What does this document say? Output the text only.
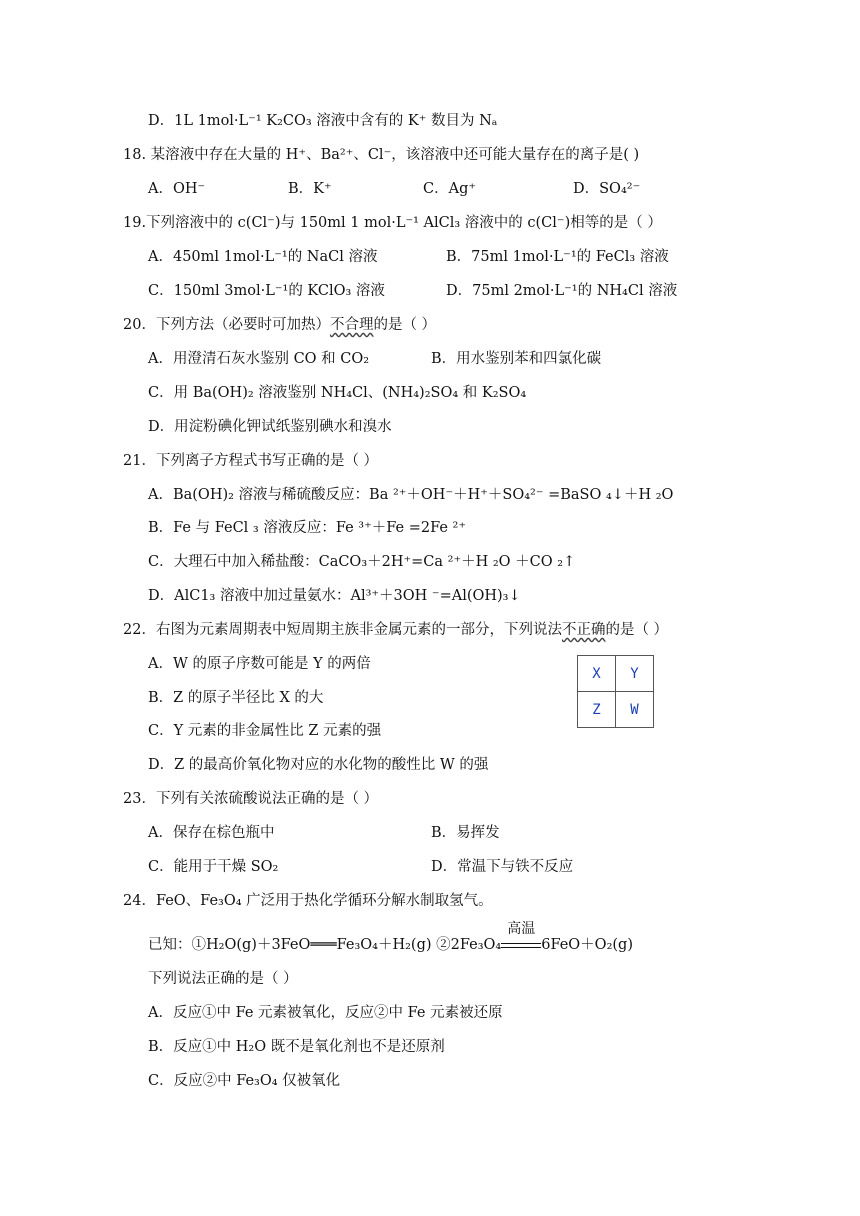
D．1L 1mol·L⁻¹ K₂CO₃ 溶液中含有的 K⁺ 数目为 Nₐ
18. 某溶液中存在大量的 H⁺、Ba²⁺、Cl⁻，该溶液中还可能大量存在的离子是( )
A．OH⁻	B．K⁺	C．Ag⁺	D．SO₄²⁻
19.下列溶液中的 c(Cl⁻)与 150ml 1 mol·L⁻¹ AlCl₃ 溶液中的 c(Cl⁻)相等的是（ ）
A．450ml 1mol·L⁻¹的 NaCl 溶液	B．75ml 1mol·L⁻¹的 FeCl₃ 溶液
C．150ml 3mol·L⁻¹的 KClO₃ 溶液	D．75ml 2mol·L⁻¹的 NH₄Cl 溶液
20．下列方法（必要时可加热）不合理的是（ ）
A．用澄清石灰水鉴别 CO 和 CO₂	B．用水鉴别苯和四氯化碳
C．用 Ba(OH)₂ 溶液鉴别 NH₄Cl、(NH₄)₂SO₄ 和 K₂SO₄
D．用淀粉碘化钾试纸鉴别碘水和溴水
21．下列离子方程式书写正确的是（ ）
A．Ba(OH)₂ 溶液与稀硫酸反应：Ba ²⁺＋OH⁻＋H⁺＋SO₄²⁻ =BaSO ₄↓＋H ₂O
B．Fe 与 FeCl ₃ 溶液反应：Fe ³⁺＋Fe =2Fe ²⁺
C．大理石中加入稀盐酸：CaCO₃＋2H⁺=Ca ²⁺＋H ₂O ＋CO ₂↑
D．AlC1₃ 溶液中加过量氨水：Al³⁺＋3OH ⁻=Al(OH)₃↓
22．右图为元素周期表中短周期主族非金属元素的一部分，下列说法不正确的是（ ）
A．W 的原子序数可能是 Y 的两倍
B．Z 的原子半径比 X 的大
C．Y 元素的非金属性比 Z 元素的强
D．Z 的最高价氧化物对应的水化物的酸性比 W 的强
X	Y
Z	W
23．下列有关浓硫酸说法正确的是（ ）
A．保存在棕色瓶中	B．易挥发
C．能用于干燥 SO₂	D．常温下与铁不反应
24．FeO、Fe₃O₄ 广泛用于热化学循环分解水制取氢气。
已知：①H₂O(g)＋3FeO═══Fe₃O₄＋H₂(g) ②2Fe₃O₄
高温
6FeO＋O₂(g)
下列说法正确的是（ ）
A．反应①中 Fe 元素被氧化，反应②中 Fe 元素被还原
B．反应①中 H₂O 既不是氧化剂也不是还原剂
C．反应②中 Fe₃O₄ 仅被氧化
